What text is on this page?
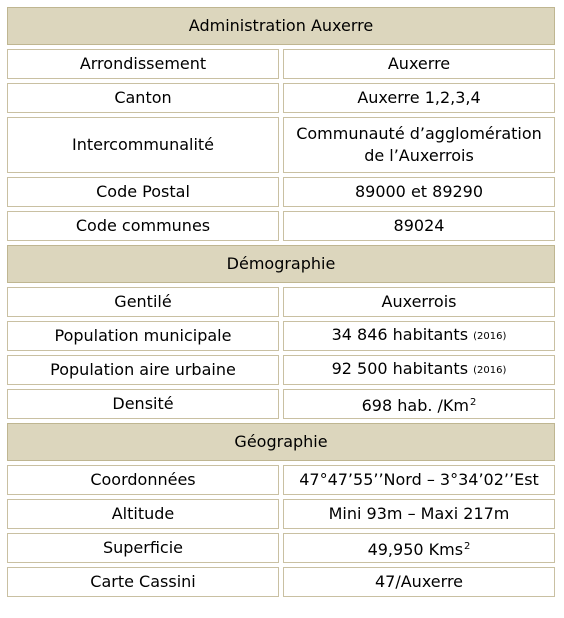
Administration Auxerre	
Arrondissement	Auxerre
Canton	Auxerre 1,2,3,4
Intercommunalité	Communauté d’agglomération de l’Auxerrois
Code Postal	89000 et 89290
Code communes	89024
Démographie	
Gentilé	Auxerrois
Population municipale	34 846 habitants (2016)
Population aire urbaine	92 500 habitants (2016)
Densité	698 hab. /Km$^2$
Géographie	
Coordonnées	47°47’55’’Nord – 3°34’02’’Est
Altitude	Mini 93m – Maxi 217m
Superficie	49,950 Kms$^2$
Carte Cassini	47/Auxerre
